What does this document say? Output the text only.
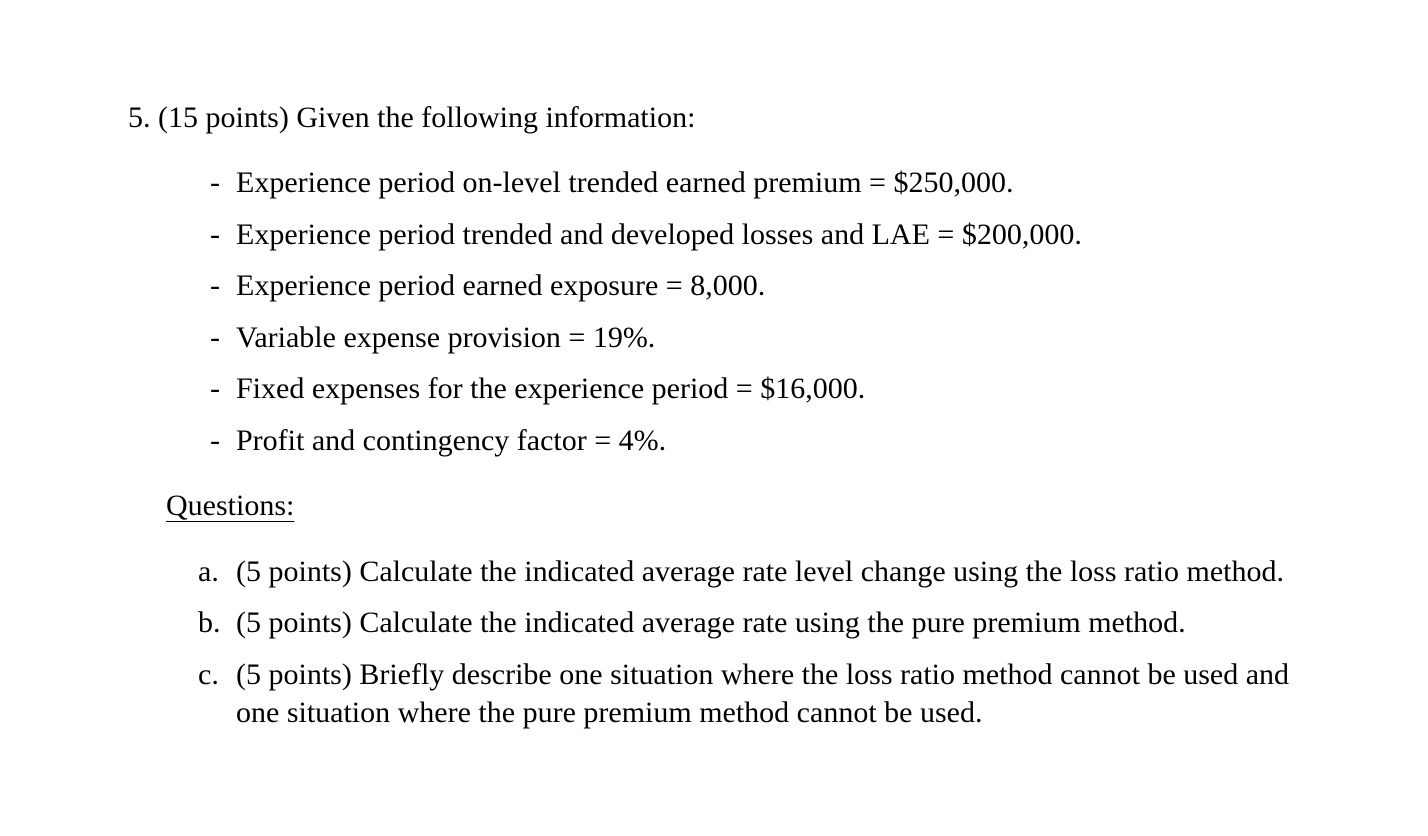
5. (15 points) Given the following information:
- Experience period on-level trended earned premium = $250,000.
- Experience period trended and developed losses and LAE = $200,000.
- Experience period earned exposure = 8,000.
- Variable expense provision = 19%.
- Fixed expenses for the experience period = $16,000.
- Profit and contingency factor = 4%.
Questions:
a. (5 points) Calculate the indicated average rate level change using the loss ratio method.
b. (5 points) Calculate the indicated average rate using the pure premium method.
c. (5 points) Briefly describe one situation where the loss ratio method cannot be used and
one situation where the pure premium method cannot be used.
